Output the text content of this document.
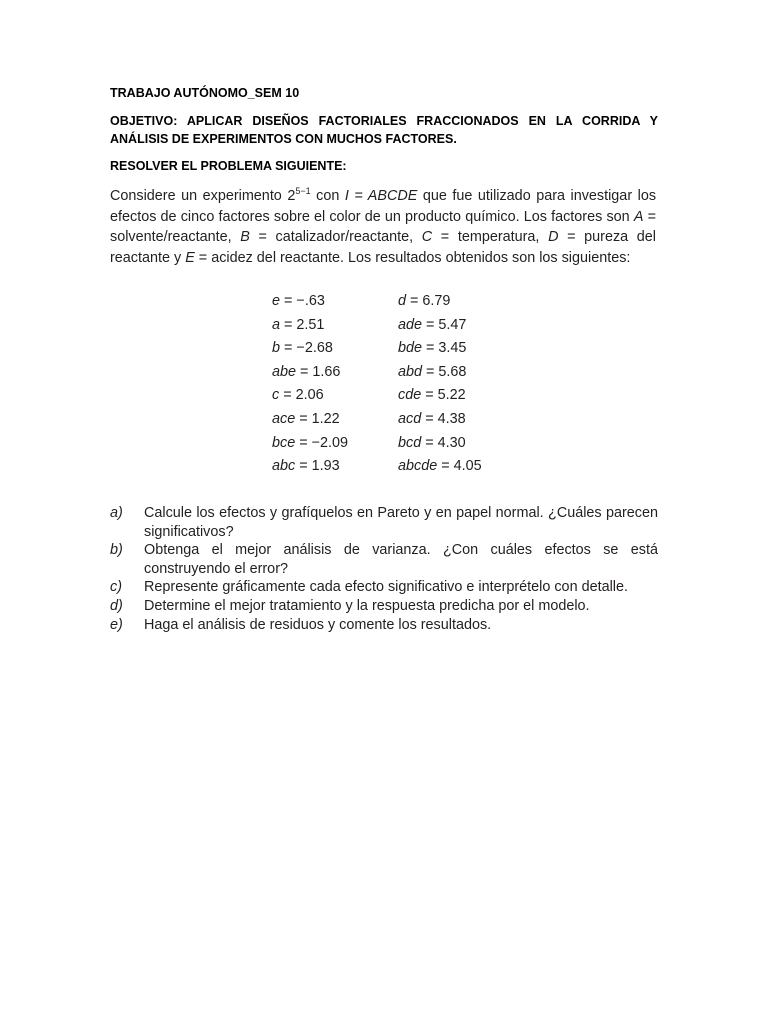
TRABAJO AUTÓNOMO_SEM 10
OBJETIVO: APLICAR DISEÑOS FACTORIALES FRACCIONADOS EN LA CORRIDA Y ANÁLISIS DE EXPERIMENTOS CON MUCHOS FACTORES.
RESOLVER EL PROBLEMA SIGUIENTE:
Considere un experimento $2^{5-1}$ con I = ABCDE que fue utilizado para investigar los efectos de cinco factores sobre el color de un producto químico. Los factores son A = solvente/reactante, B = catalizador/reactante, C = temperatura, D = pureza del reactante y E = acidez del reactante. Los resultados obtenidos son los siguientes:
e = −.63	d = 6.79
a = 2.51	ade = 5.47
b = −2.68	bde = 3.45
abe = 1.66	abd = 5.68
c = 2.06	cde = 5.22
ace = 1.22	acd = 4.38
bce = −2.09	bcd = 4.30
abc = 1.93	abcde = 4.05
a)	Calcule los efectos y grafíquelos en Pareto y en papel normal. ¿Cuáles parecen significativos?
b)	Obtenga el mejor análisis de varianza. ¿Con cuáles efectos se está construyendo el error?
c)	Represente gráficamente cada efecto significativo e interprételo con detalle.
d)	Determine el mejor tratamiento y la respuesta predicha por el modelo.
e)	Haga el análisis de residuos y comente los resultados.
